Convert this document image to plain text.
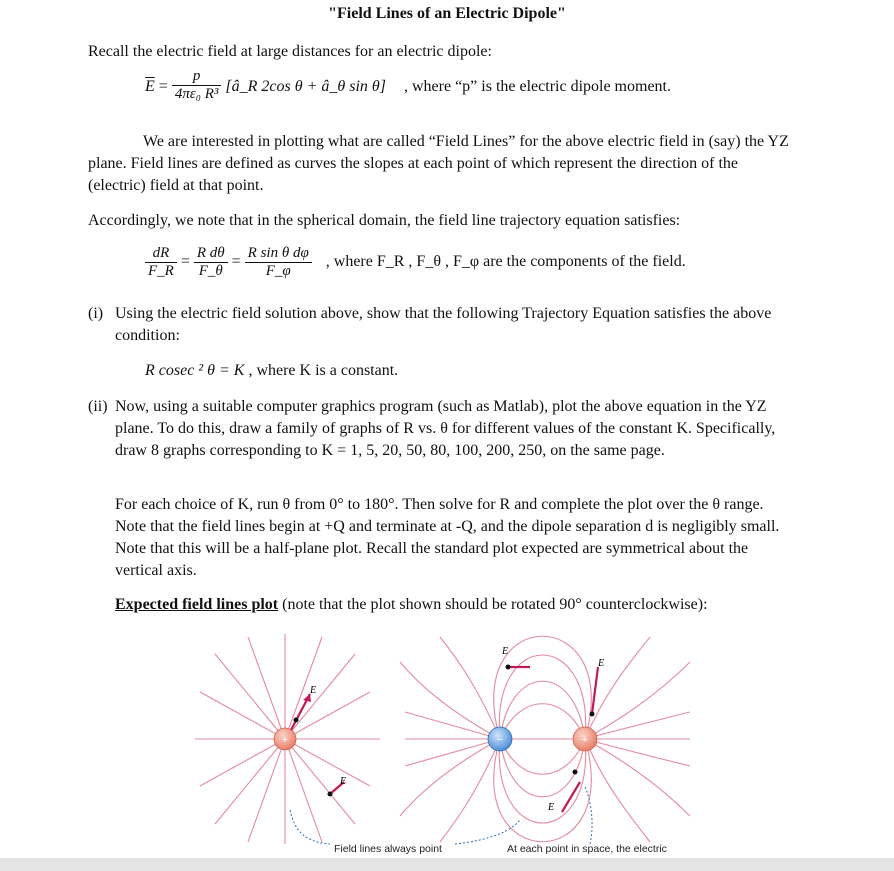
"Field Lines of an Electric Dipole"
Recall the electric field at large distances for an electric dipole:
$\overline{E} = \frac{p}{\text{4πε₀ R³}}$ [â_R 2cos θ + â_θ sin θ] , where “p” is the electric dipole moment.
We are interested in plotting what are called “Field Lines” for the above electric field in (say) the YZ plane. Field lines are defined as curves the slopes at each point of which represent the direction of the (electric) field at that point.
Accordingly, we note that in the spherical domain, the field line trajectory equation satisfies:
$\frac{dR}{F\_R} = \frac{\text{R dθ}}{F\_\theta} = \frac{\text{R sin θ dφ}}{F\_\varphi}$ , where F_R , F_θ , F_φ are the components of the field.
(i) Using the electric field solution above, show that the following Trajectory Equation satisfies the above condition:
R cosec ² θ = K , where K is a constant.
(ii) Now, using a suitable computer graphics program (such as Matlab), plot the above equation in the YZ plane. To do this, draw a family of graphs of R vs. θ for different values of the constant K. Specifically, draw 8 graphs corresponding to K = 1, 5, 20, 50, 80, 100, 200, 250, on the same page.
For each choice of K, run θ from 0° to 180°. Then solve for R and complete the plot over the θ range. Note that the field lines begin at +Q and terminate at -Q, and the dipole separation d is negligibly small. Note that this will be a half-plane plot. Recall the standard plot expected are symmetrical about the vertical axis.
Expected field lines plot (note that the plot shown should be rotated 90° counterclockwise):
+
E
E
−	+
E
E
E
Field lines always point	At each point in space, the electric
